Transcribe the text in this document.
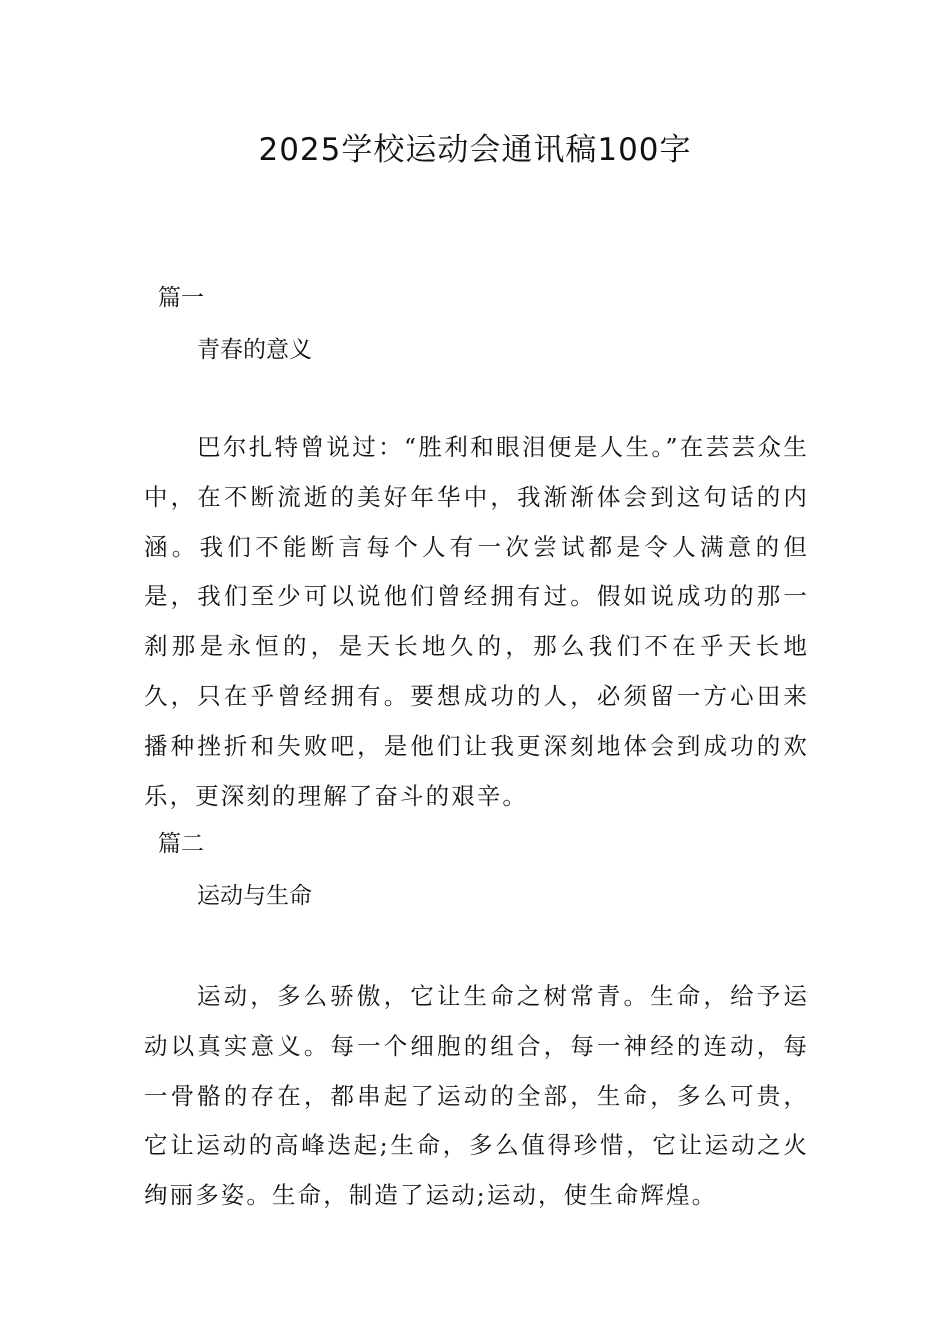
2025学校运动会通讯稿100字

篇一

青春的意义

巴尔扎特曾说过：“胜利和眼泪便是人生。”在芸芸众生中，在不断流逝的美好年华中，我渐渐体会到这句话的内涵。我们不能断言每个人有一次尝试都是令人满意的但是，我们至少可以说他们曾经拥有过。假如说成功的那一刹那是永恒的，是天长地久的，那么我们不在乎天长地久，只在乎曾经拥有。要想成功的人，必须留一方心田来播种挫折和失败吧，是他们让我更深刻地体会到成功的欢乐，更深刻的理解了奋斗的艰辛。

篇二

运动与生命

运动，多么骄傲，它让生命之树常青。生命，给予运动以真实意义。每一个细胞的组合，每一神经的连动，每一骨骼的存在，都串起了运动的全部，生命，多么可贵，它让运动的高峰迭起;生命，多么值得珍惜，它让运动之火绚丽多姿。生命，制造了运动;运动，使生命辉煌。
